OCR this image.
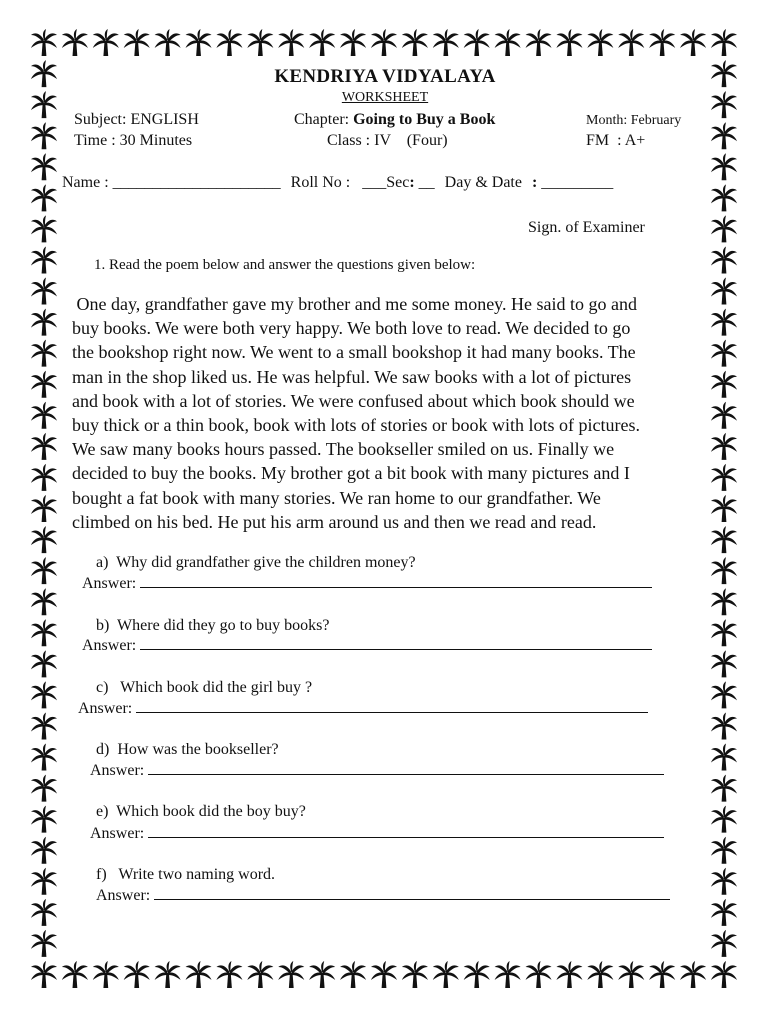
KENDRIYA VIDYALAYA
WORKSHEET
Subject: ENGLISH	Chapter: Going to Buy a Book	Month: February
Time : 30 Minutes	Class : IV    (Four)	FM  : A+
Name : _____________________ Roll No : ___Sec: __ Day & Date : _________
Sign. of Examiner
1. Read the poem below and answer the questions given below:
One day, grandfather gave my brother and me some money. He said to go and
buy books. We were both very happy. We both love to read. We decided to go
the bookshop right now. We went to a small bookshop it had many books. The
man in the shop liked us. He was helpful. We saw books with a lot of pictures
and book with a lot of stories. We were confused about which book should we
buy thick or a thin book, book with lots of stories or book with lots of pictures.
We saw many books hours passed. The bookseller smiled on us. Finally we
decided to buy the books. My brother got a bit book with many pictures and I
bought a fat book with many stories. We ran home to our grandfather. We
climbed on his bed. He put his arm around us and then we read and read.
a)  Why did grandfather give the children money?
Answer:
b)  Where did they go to buy books?
Answer:
c)   Which book did the girl buy ?
Answer:
d)  How was the bookseller?
Answer:
e)  Which book did the boy buy?
Answer:
f)   Write two naming word.
Answer:
